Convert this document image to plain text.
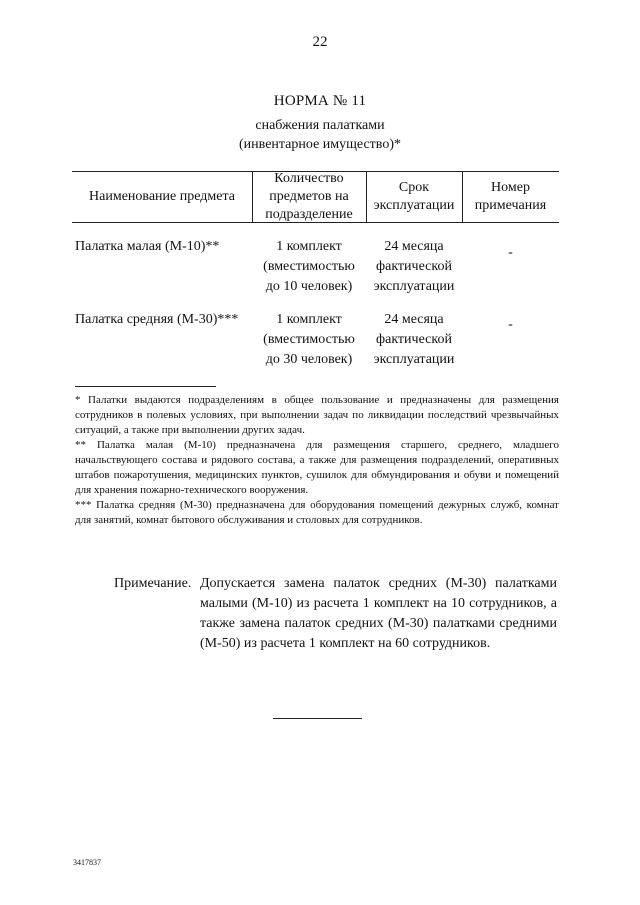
22
НОРМА № 11
снабжения палатками
(инвентарное имущество)*
Наименование предмета
Количество
предметов на
подразделение
Срок
эксплуатации
Номер
примечания
Палатка малая (М-10)**	1 комплект
(вместимостью
до 10 человек)
24 месяца
фактической
эксплуатации
-
Палатка средняя (М-30)***	1 комплект
(вместимостью
до 30 человек)
24 месяца
фактической
эксплуатации
-

* Палатки выдаются подразделениям в общее пользование и предназначены для размещения сотрудников в полевых условиях, при выполнении задач по ликвидации последствий чрезвычайных ситуаций, а также при выполнении других задач.

** Палатка малая (М-10) предназначена для размещения старшего, среднего, младшего начальствующего состава и рядового состава, а также для размещения подразделений, оперативных штабов пожаротушения, медицинских пунктов, сушилок для обмундирования и обуви и помещений для хранения пожарно-технического вооружения.

*** Палатка средняя (М-30) предназначена для оборудования помещений дежурных служб, комнат для занятий, комнат бытового обслуживания и столовых для сотрудников.

Примечание. Допускается замена палаток средних (М-30) палатками малыми (М-10) из расчета 1 комплект на 10 сотрудников, а также замена палаток средних (М-30) палатками средними (М-50) из расчета 1 комплект на 60 сотрудников.
3417837
